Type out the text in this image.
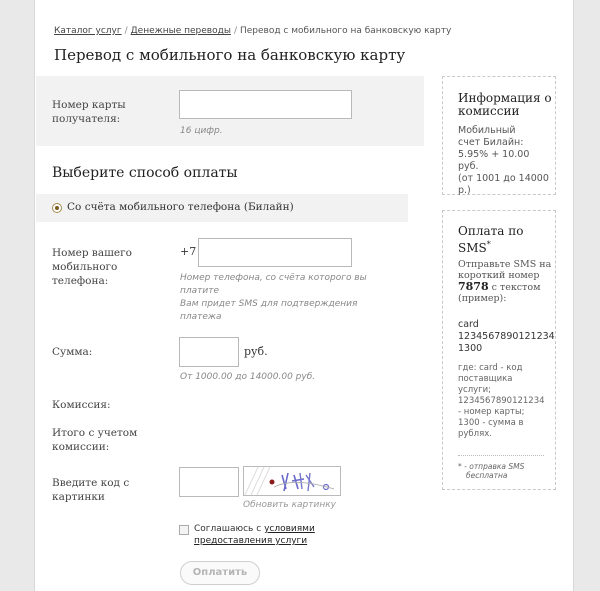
Каталог услуг / Денежные переводы / Перевод с мобильного на банковскую карту
Перевод с мобильного на банковскую карту
Номер карты получателя:
16 цифр.
Выберите способ оплаты
Со счёта мобильного телефона (Билайн)
Номер вашего мобильного телефона:
+7
Номер телефона, со счёта которого вы платите
Вам придет SMS для подтверждения платежа
Сумма:	руб.
От 1000.00 до 14000.00 руб.
Комиссия:
Итого с учетом комиссии:
Введите код с картинки
Обновить картинку
Соглашаюсь с условиями предоставления услуги
Оплатить
Информация о комиссии
Мобильный
счет Билайн:
5.95% + 10.00
руб.
(от 1001 до 14000 р.)
Оплата по
SMS*
Отправьте SMS на
короткий номер
7878 с текстом
(пример):
card
1234567890121234
1300
где: card - код
поставщика
услуги;
1234567890121234
- номер карты;
1300 - сумма в
рублях.
* - отправка SMS
бесплатна
